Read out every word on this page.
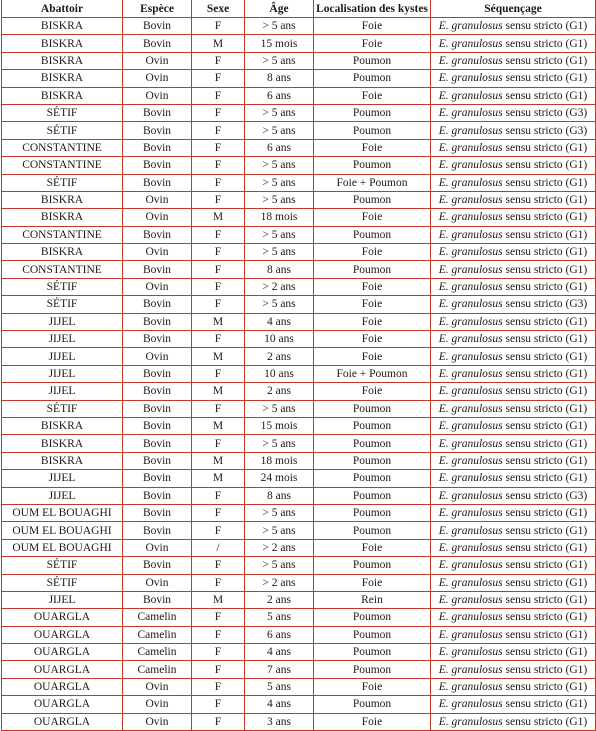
Abattoir	Espèce	Sexe	Âge	Localisation des kystes	Séquençage
BISKRA	Bovin	F	> 5 ans	Foie	E. granulosus sensu stricto (G1)
BISKRA	Bovin	M	15 mois	Foie	E. granulosus sensu stricto (G1)
BISKRA	Ovin	F	> 5 ans	Poumon	E. granulosus sensu stricto (G1)
BISKRA	Ovin	F	8 ans	Poumon	E. granulosus sensu stricto (G1)
BISKRA	Ovin	F	6 ans	Foie	E. granulosus sensu stricto (G1)
SÉTIF	Bovin	F	> 5 ans	Poumon	E. granulosus sensu stricto (G3)
SÉTIF	Bovin	F	> 5 ans	Poumon	E. granulosus sensu stricto (G3)
CONSTANTINE	Bovin	F	6 ans	Foie	E. granulosus sensu stricto (G1)
CONSTANTINE	Bovin	F	> 5 ans	Poumon	E. granulosus sensu stricto (G1)
SÉTIF	Bovin	F	> 5 ans	Foie + Poumon	E. granulosus sensu stricto (G1)
BISKRA	Ovin	F	> 5 ans	Poumon	E. granulosus sensu stricto (G1)
BISKRA	Ovin	M	18 mois	Foie	E. granulosus sensu stricto (G1)
CONSTANTINE	Bovin	F	> 5 ans	Poumon	E. granulosus sensu stricto (G1)
BISKRA	Ovin	F	> 5 ans	Foie	E. granulosus sensu stricto (G1)
CONSTANTINE	Bovin	F	8 ans	Poumon	E. granulosus sensu stricto (G1)
SÉTIF	Ovin	F	> 2 ans	Foie	E. granulosus sensu stricto (G1)
SÉTIF	Bovin	F	> 5 ans	Foie	E. granulosus sensu stricto (G3)
JIJEL	Bovin	M	4 ans	Foie	E. granulosus sensu stricto (G1)
JIJEL	Bovin	F	10 ans	Foie	E. granulosus sensu stricto (G1)
JIJEL	Ovin	M	2 ans	Foie	E. granulosus sensu stricto (G1)
JIJEL	Bovin	F	10 ans	Foie + Poumon	E. granulosus sensu stricto (G1)
JIJEL	Bovin	M	2 ans	Foie	E. granulosus sensu stricto (G1)
SÉTIF	Bovin	F	> 5 ans	Poumon	E. granulosus sensu stricto (G1)
BISKRA	Bovin	M	15 mois	Poumon	E. granulosus sensu stricto (G1)
BISKRA	Bovin	F	> 5 ans	Poumon	E. granulosus sensu stricto (G1)
BISKRA	Bovin	M	18 mois	Poumon	E. granulosus sensu stricto (G1)
JIJEL	Bovin	M	24 mois	Poumon	E. granulosus sensu stricto (G1)
JIJEL	Bovin	F	8 ans	Poumon	E. granulosus sensu stricto (G3)
OUM EL BOUAGHI	Bovin	F	> 5 ans	Poumon	E. granulosus sensu stricto (G1)
OUM EL BOUAGHI	Bovin	F	> 5 ans	Poumon	E. granulosus sensu stricto (G1)
OUM EL BOUAGHI	Ovin	/	> 2 ans	Foie	E. granulosus sensu stricto (G1)
SÉTIF	Bovin	F	> 5 ans	Poumon	E. granulosus sensu stricto (G1)
SÉTIF	Ovin	F	> 2 ans	Foie	E. granulosus sensu stricto (G1)
JIJEL	Bovin	M	2 ans	Rein	E. granulosus sensu stricto (G1)
OUARGLA	Camelin	F	5 ans	Poumon	E. granulosus sensu stricto (G1)
OUARGLA	Camelin	F	6 ans	Poumon	E. granulosus sensu stricto (G1)
OUARGLA	Camelin	F	4 ans	Poumon	E. granulosus sensu stricto (G1)
OUARGLA	Camelin	F	7 ans	Poumon	E. granulosus sensu stricto (G1)
OUARGLA	Ovin	F	5 ans	Foie	E. granulosus sensu stricto (G1)
OUARGLA	Ovin	F	4 ans	Poumon	E. granulosus sensu stricto (G1)
OUARGLA	Ovin	F	3 ans	Foie	E. granulosus sensu stricto (G1)
